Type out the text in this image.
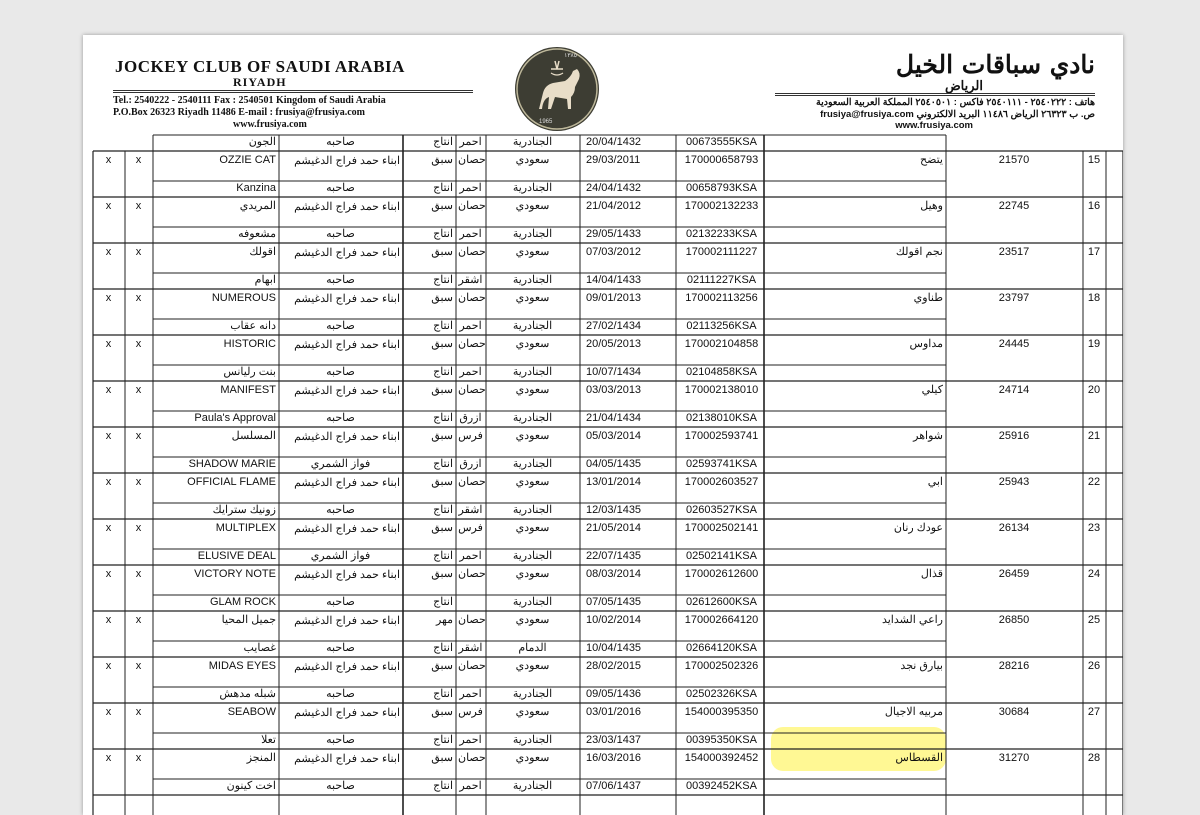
JOCKEY CLUB OF SAUDI ARABIA
RIYADH
Tel.: 2540222 - 2540111 Fax : 2540501 Kingdom of Saudi Arabia
P.O.Box 26323 Riyadh 11486 E-mail : frusiya@frusiya.com
www.frusiya.com	1965
١٣٨٥	نادي سباقات الخيل
الرياض
هاتف : ٢٥٤٠٢٢٢ - ٢٥٤٠١١١ فاكس : ٢٥٤٠٥٠١ المملكة العربية السعودية
ص. ب ٢٦٣٢٣ الرياض ١١٤٨٦ البريد الالكتروني frusiya@frusiya.com
www.frusiya.com
الجون	صاحبه	انتاج احمر	الجنادرية	20/04/1432	00673555KSA
x	x	OZZIE CAT	ابناء حمد فراج الدغيشم	سبق حصان	سعودي	29/03/2011	170000658793	يتضح	21570	15
Kanzina	صاحبه	انتاج احمر	الجنادرية	24/04/1432	00658793KSA
x	x	المريدي	ابناء حمد فراج الدغيشم	سبق حصان	سعودي	21/04/2012	170002132233	وهيل	22745	16
مشعوفه	صاحبه	انتاج احمر	الجنادرية	29/05/1433	02132233KSA
x	x	اقولك	ابناء حمد فراج الدغيشم	سبق حصان	سعودي	07/03/2012	170002111227	نجم اقولك	23517	17
ابهام	صاحبه	انتاج اشقر	الجنادرية	14/04/1433	02111227KSA
x	x	NUMEROUS	ابناء حمد فراج الدغيشم	سبق حصان	سعودي	09/01/2013	170002113256	طناوي	23797	18
دانه عقاب	صاحبه	انتاج احمر	الجنادرية	27/02/1434	02113256KSA
x	x	HISTORIC	ابناء حمد فراج الدغيشم	سبق حصان	سعودي	20/05/2013	170002104858	مداوس	24445	19
بنت رليانس	صاحبه	انتاج احمر	الجنادرية	10/07/1434	02104858KSA
x	x	MANIFEST	ابناء حمد فراج الدغيشم	سبق حصان	سعودي	03/03/2013	170002138010	كيلي	24714	20
Paula's Approval	صاحبه	انتاج ازرق	الجنادرية	21/04/1434	02138010KSA
x	x	المسلسل	ابناء حمد فراج الدغيشم	سبق فرس	سعودي	05/03/2014	170002593741	شواهر	25916	21
SHADOW MARIE	فواز الشمري	انتاج ازرق	الجنادرية	04/05/1435	02593741KSA
x	x	OFFICIAL FLAME	ابناء حمد فراج الدغيشم	سبق حصان	سعودي	13/01/2014	170002603527	ابي	25943	22
زونيك سترايك	صاحبه	انتاج اشقر	الجنادرية	12/03/1435	02603527KSA
x	x	MULTIPLEX	ابناء حمد فراج الدغيشم	سبق فرس	سعودي	21/05/2014	170002502141	عودك رنان	26134	23
ELUSIVE DEAL	فواز الشمري	انتاج احمر	الجنادرية	22/07/1435	02502141KSA
x	x	VICTORY NOTE	ابناء حمد فراج الدغيشم	سبق حصان	سعودي	08/03/2014	170002612600	قذال	26459	24
GLAM ROCK	صاحبه	انتاج	الجنادرية	07/05/1435	02612600KSA
x	x	جميل المحيا	ابناء حمد فراج الدغيشم	مهر حصان	سعودي	10/02/2014	170002664120	راعي الشدايد	26850	25
غصايب	صاحبه	انتاج اشقر	الدمام	10/04/1435	02664120KSA
x	x	MIDAS EYES	ابناء حمد فراج الدغيشم	سبق حصان	سعودي	28/02/2015	170002502326	بيارق نجد	28216	26
شبله مدهش	صاحبه	انتاج احمر	الجنادرية	09/05/1436	02502326KSA
x	x	SEABOW	ابناء حمد فراج الدغيشم	سبق فرس	سعودي	03/01/2016	154000395350	مربيه الاجيال	30684	27
تعلا	صاحبه	انتاج احمر	الجنادرية	23/03/1437	00395350KSA
x	x	المنجز	ابناء حمد فراج الدغيشم	سبق حصان	سعودي	16/03/2016	154000392452	القسطاس	31270	28
اخت كينون	صاحبه	انتاج احمر	الجنادرية	07/06/1437	00392452KSA
